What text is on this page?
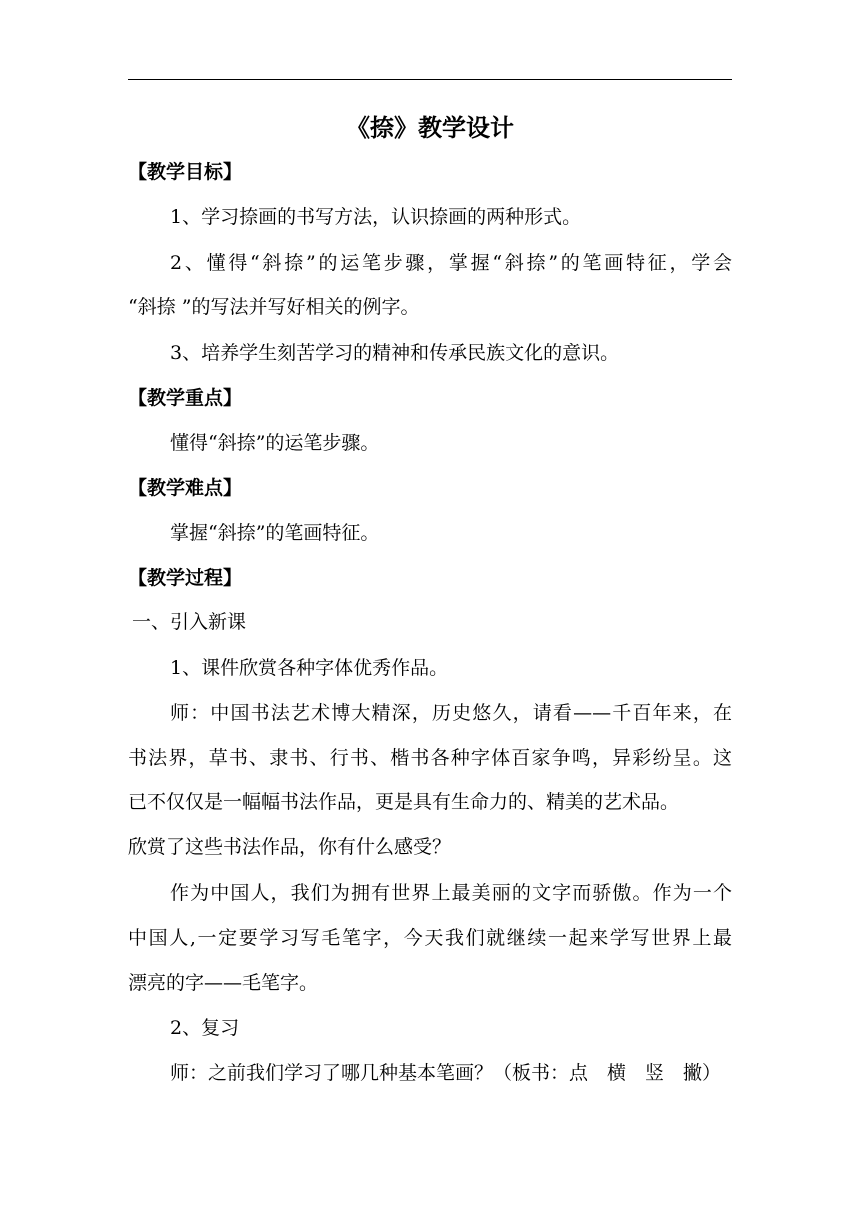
《捺》教学设计
【教学目标】
1、学习捺画的书写方法，认识捺画的两种形式。
2、懂得“斜捺”的运笔步骤，掌握“斜捺”的笔画特征，学会
“斜捺 ”的写法并写好相关的例字。
3、培养学生刻苦学习的精神和传承民族文化的意识。
【教学重点】
懂得“斜捺”的运笔步骤。
【教学难点】
掌握“斜捺”的笔画特征。
【教学过程】
一、引入新课
1、课件欣赏各种字体优秀作品。
师：中国书法艺术博大精深，历史悠久，请看——千百年来，在
书法界，草书、隶书、行书、楷书各种字体百家争鸣，异彩纷呈。这
已不仅仅是一幅幅书法作品，更是具有生命力的、精美的艺术品。
欣赏了这些书法作品，你有什么感受？
作为中国人，我们为拥有世界上最美丽的文字而骄傲。作为一个
中国人,一定要学习写毛笔字，今天我们就继续一起来学写世界上最
漂亮的字——毛笔字。
2、复习
师：之前我们学习了哪几种基本笔画？（板书：点　横　竖　撇）
